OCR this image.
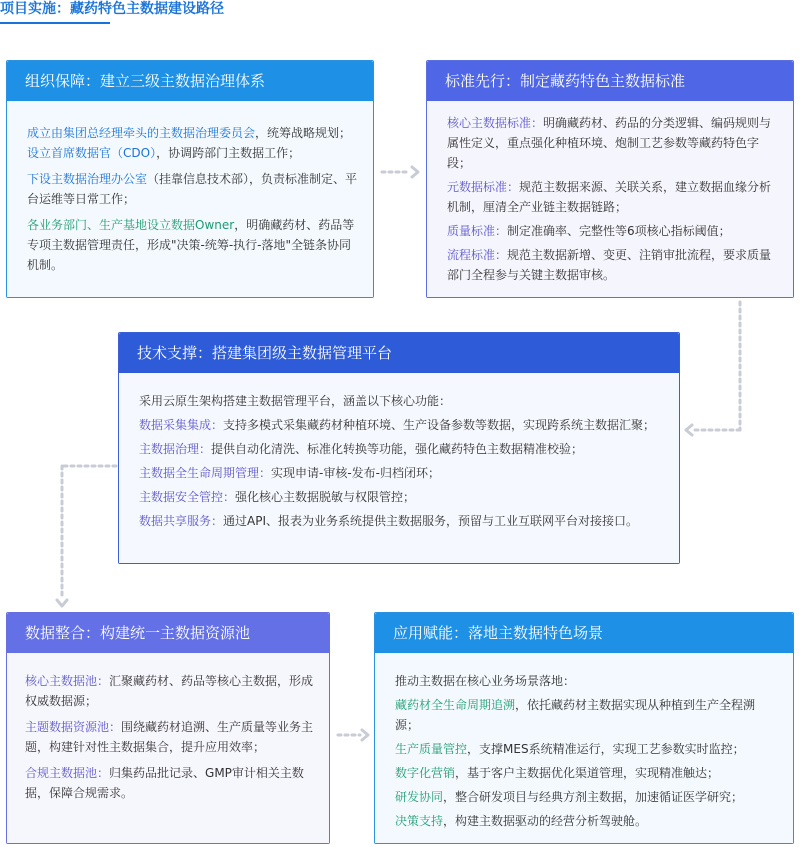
项目实施：藏药特色主数据建设路径
组织保障：建立三级主数据治理体系
成立由集团总经理牵头的主数据治理委员会，统筹战略规划；设立首席数据官（CDO），协调跨部门主数据工作；
下设主数据治理办公室（挂靠信息技术部），负责标准制定、平台运维等日常工作；
各业务部门、生产基地设立数据Owner，明确藏药材、药品等专项主数据管理责任，形成"决策-统筹-执行-落地"全链条协同机制。
标准先行：制定藏药特色主数据标准
核心主数据标准：明确藏药材、药品的分类逻辑、编码规则与属性定义，重点强化种植环境、炮制工艺参数等藏药特色字段；
元数据标准：规范主数据来源、关联关系，建立数据血缘分析机制，厘清全产业链主数据链路；
质量标准：制定准确率、完整性等6项核心指标阈值；
流程标准：规范主数据新增、变更、注销审批流程，要求质量部门全程参与关键主数据审核。
技术支撑：搭建集团级主数据管理平台
采用云原生架构搭建主数据管理平台，涵盖以下核心功能：
数据采集集成：支持多模式采集藏药材种植环境、生产设备参数等数据，实现跨系统主数据汇聚；
主数据治理：提供自动化清洗、标准化转换等功能，强化藏药特色主数据精准校验；
主数据全生命周期管理：实现申请-审核-发布-归档闭环；
主数据安全管控：强化核心主数据脱敏与权限管控；
数据共享服务：通过API、报表为业务系统提供主数据服务，预留与工业互联网平台对接接口。
数据整合：构建统一主数据资源池
核心主数据池：汇聚藏药材、药品等核心主数据，形成权威数据源；
主题数据资源池：围绕藏药材追溯、生产质量等业务主题，构建针对性主数据集合，提升应用效率；
合规主数据池：归集药品批记录、GMP审计相关主数据，保障合规需求。
应用赋能：落地主数据特色场景
推动主数据在核心业务场景落地：
藏药材全生命周期追溯，依托藏药材主数据实现从种植到生产全程溯源；
生产质量管控，支撑MES系统精准运行，实现工艺参数实时监控；
数字化营销，基于客户主数据优化渠道管理，实现精准触达；
研发协同，整合研发项目与经典方剂主数据，加速循证医学研究；
决策支持，构建主数据驱动的经营分析驾驶舱。
